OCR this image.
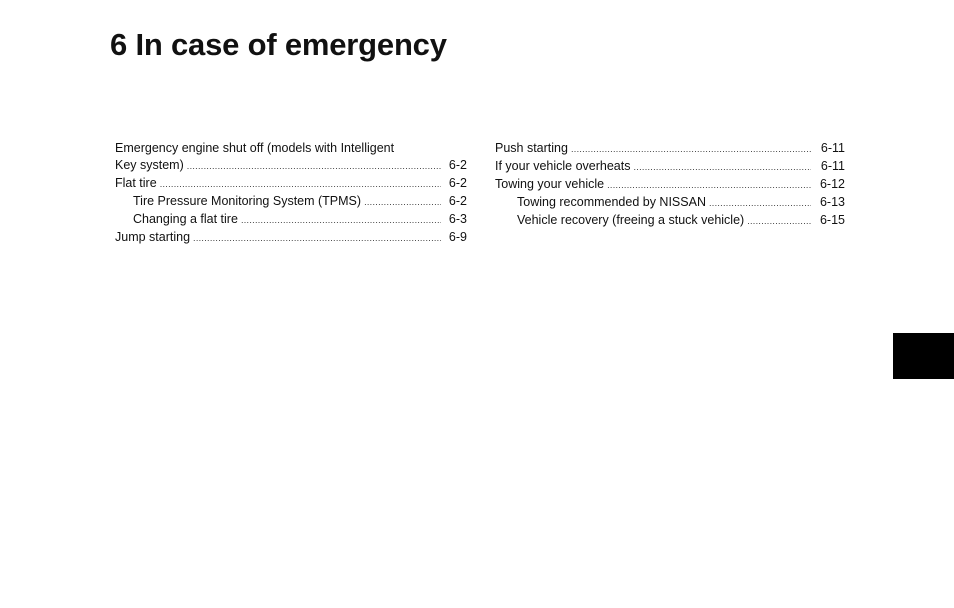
6 In case of emergency
Emergency engine shut off (models with Intelligent
Key system) .....	6-2
Flat tire .....	6-2
Tire Pressure Monitoring System (TPMS) .....	6-2
Changing a flat tire .....	6-3
Jump starting .....	6-9
Push starting .....	6-11
If your vehicle overheats .....	6-11
Towing your vehicle .....	6-12
Towing recommended by NISSAN .....	6-13
Vehicle recovery (freeing a stuck vehicle) .....	6-15
